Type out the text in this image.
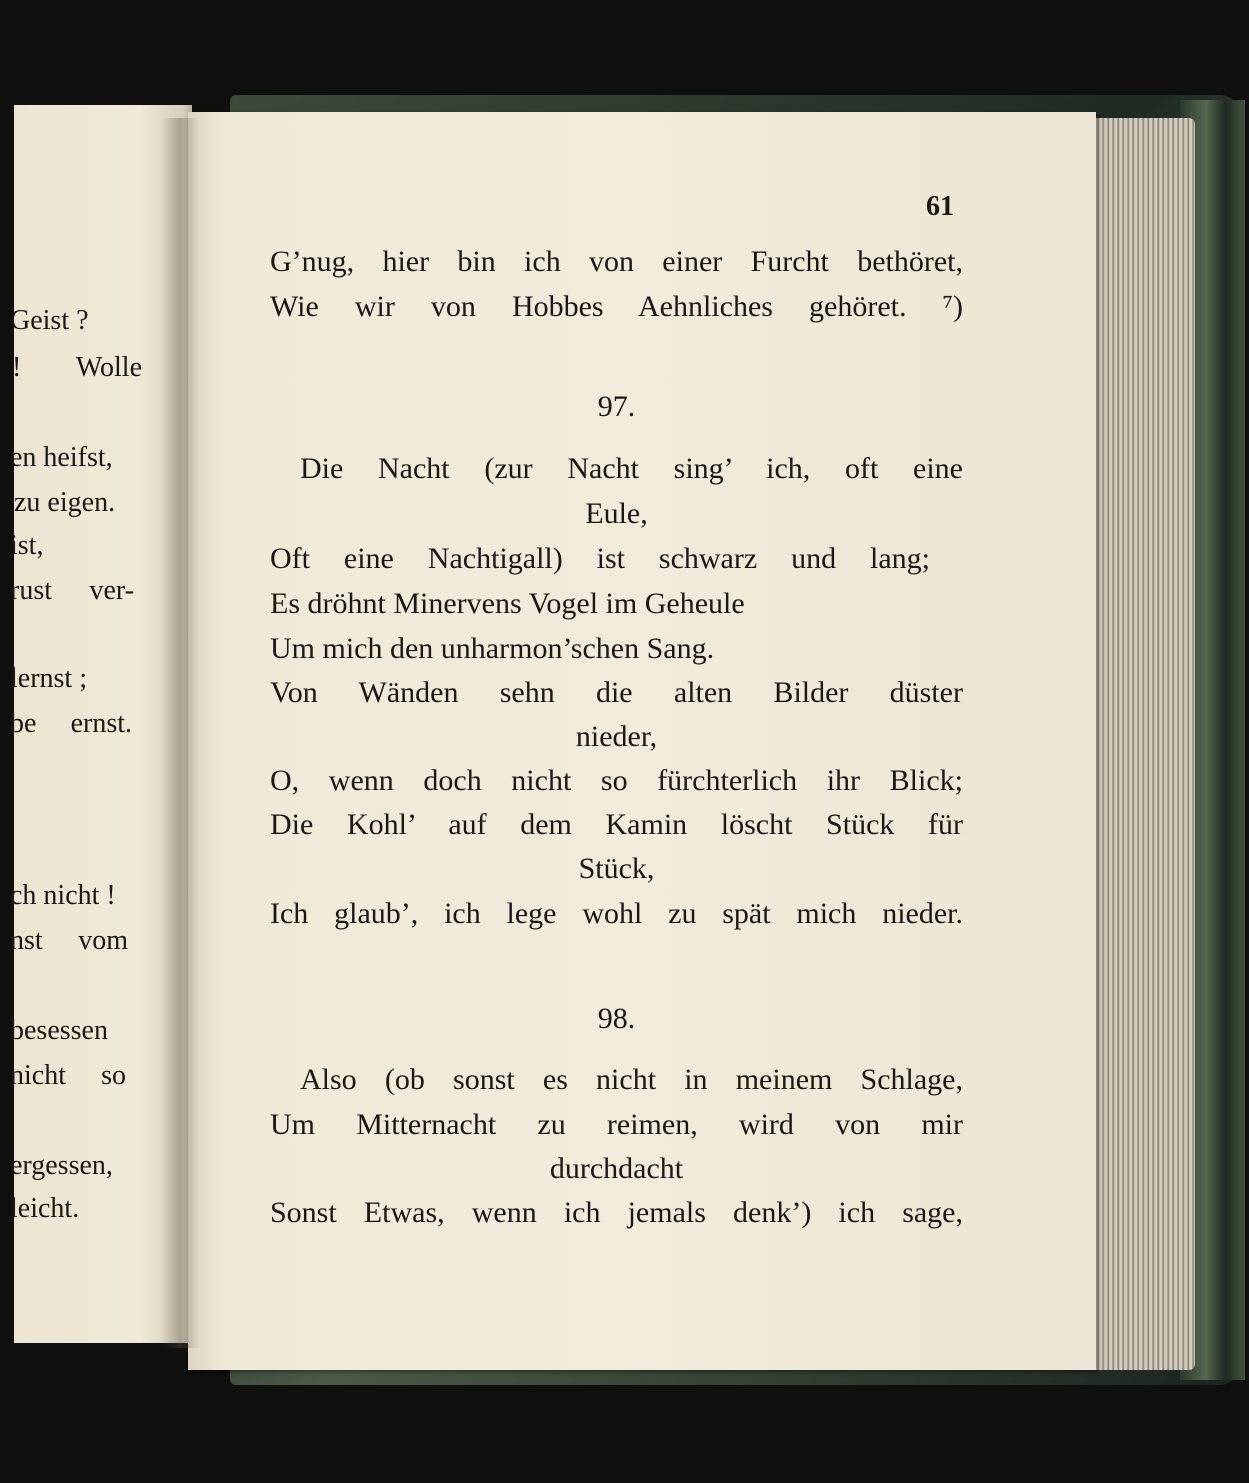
Geist ?

! Wolle

en heifst,

zu eigen.

ist,

rust ver-

lernst ;

be ernst.

ch nicht !

nst vom

besessen

nicht so

ergessen,

leicht.

61

G’nug, hier bin ich von einer Furcht bethöret,

Wie wir von Hobbes Aehnliches gehöret. ⁷)

97.

Die Nacht (zur Nacht sing’ ich, oft eine

Eule,

Oft eine Nachtigall) ist schwarz und lang;

Es dröhnt Minervens Vogel im Geheule

Um mich den unharmon’schen Sang.

Von Wänden sehn die alten Bilder düster

nieder,

O, wenn doch nicht so fürchterlich ihr Blick;

Die Kohl’ auf dem Kamin löscht Stück für

Stück,

Ich glaub’, ich lege wohl zu spät mich nieder.

98.

Also (ob sonst es nicht in meinem Schlage,

Um Mitternacht zu reimen, wird von mir

durchdacht

Sonst Etwas, wenn ich jemals denk’) ich sage,
